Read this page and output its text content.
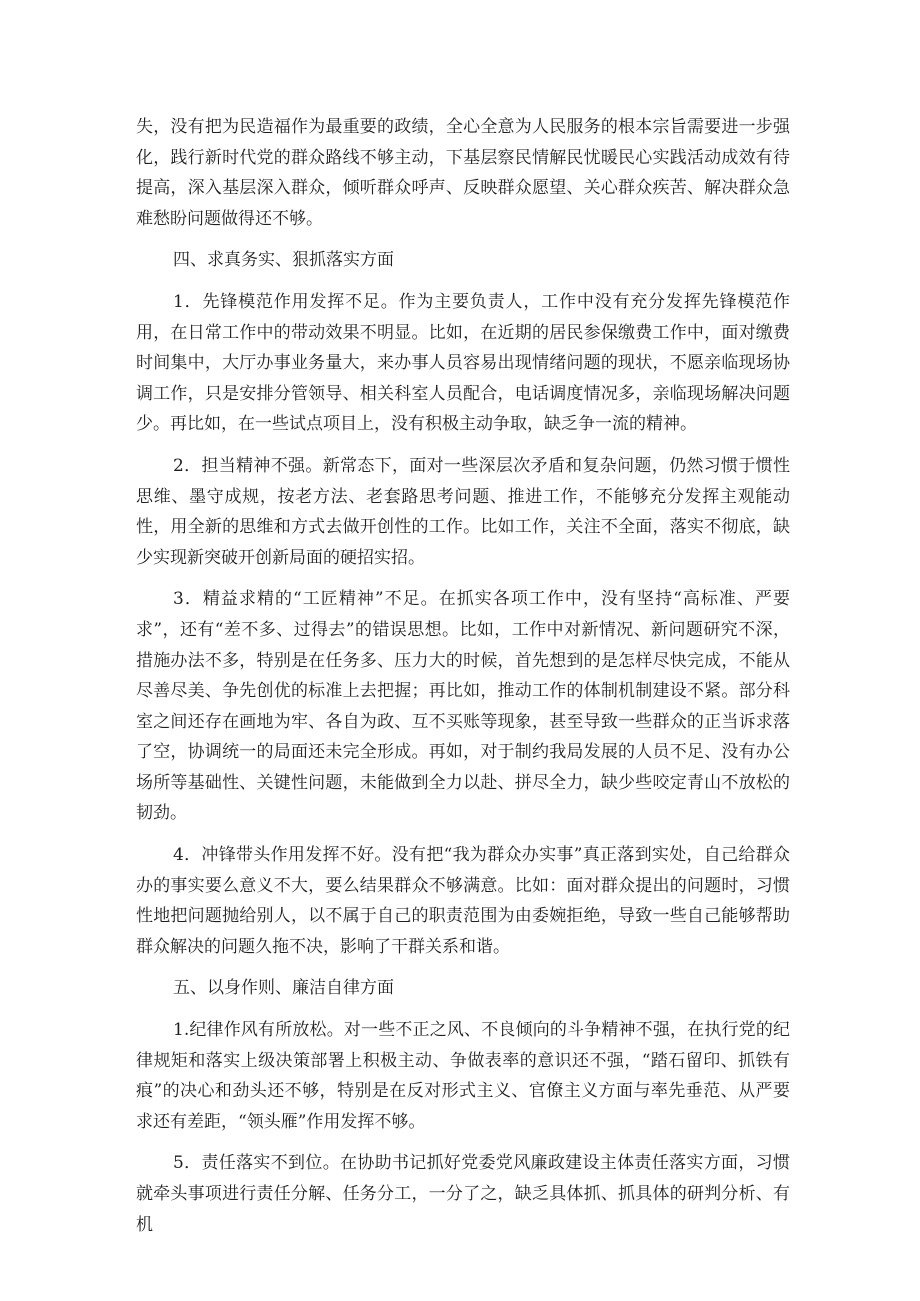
失，没有把为民造福作为最重要的政绩，全心全意为人民服务的根本宗旨需要进一步强化，践行新时代党的群众路线不够主动，下基层察民情解民忧暖民心实践活动成效有待提高，深入基层深入群众，倾听群众呼声、反映群众愿望、关心群众疾苦、解决群众急难愁盼问题做得还不够。

四、求真务实、狠抓落实方面

1．先锋模范作用发挥不足。作为主要负责人，工作中没有充分发挥先锋模范作用，在日常工作中的带动效果不明显。比如，在近期的居民参保缴费工作中，面对缴费时间集中，大厅办事业务量大，来办事人员容易出现情绪问题的现状，不愿亲临现场协调工作，只是安排分管领导、相关科室人员配合，电话调度情况多，亲临现场解决问题少。再比如，在一些试点项目上，没有积极主动争取，缺乏争一流的精神。

2．担当精神不强。新常态下，面对一些深层次矛盾和复杂问题，仍然习惯于惯性思维、墨守成规，按老方法、老套路思考问题、推进工作，不能够充分发挥主观能动性，用全新的思维和方式去做开创性的工作。比如工作，关注不全面，落实不彻底，缺少实现新突破开创新局面的硬招实招。

3．精益求精的“工匠精神”不足。在抓实各项工作中，没有坚持“高标准、严要求”，还有“差不多、过得去”的错误思想。比如，工作中对新情况、新问题研究不深，措施办法不多，特别是在任务多、压力大的时候，首先想到的是怎样尽快完成，不能从尽善尽美、争先创优的标准上去把握；再比如，推动工作的体制机制建设不紧。部分科室之间还存在画地为牢、各自为政、互不买账等现象，甚至导致一些群众的正当诉求落了空，协调统一的局面还未完全形成。再如，对于制约我局发展的人员不足、没有办公场所等基础性、关键性问题，未能做到全力以赴、拼尽全力，缺少些咬定青山不放松的韧劲。

4．冲锋带头作用发挥不好。没有把“我为群众办实事”真正落到实处，自己给群众办的事实要么意义不大，要么结果群众不够满意。比如：面对群众提出的问题时，习惯性地把问题抛给别人，以不属于自己的职责范围为由委婉拒绝，导致一些自己能够帮助群众解决的问题久拖不决，影响了干群关系和谐。

五、以身作则、廉洁自律方面

1.纪律作风有所放松。对一些不正之风、不良倾向的斗争精神不强，在执行党的纪律规矩和落实上级决策部署上积极主动、争做表率的意识还不强，“踏石留印、抓铁有痕”的决心和劲头还不够，特别是在反对形式主义、官僚主义方面与率先垂范、从严要求还有差距，“领头雁”作用发挥不够。

5．责任落实不到位。在协助书记抓好党委党风廉政建设主体责任落实方面，习惯就牵头事项进行责任分解、任务分工，一分了之，缺乏具体抓、抓具体的研判分析、有机
